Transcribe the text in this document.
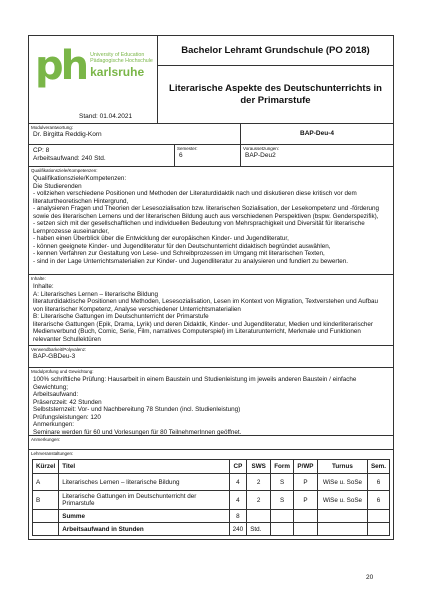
ph University of Education
Pädagogische Hochschule
karlsruhe
Stand: 01.04.2021
Bachelor Lehramt Grundschule (PO 2018)
Literarische Aspekte des Deutschunterrichts in der Primarstufe
Modulverantwortung:
Dr. Birgitta Reddig-Korn	BAP-Deu-4
CP: 8
Arbeitsaufwand: 240 Std.
Semester:
6
Voraussetzungen:
BAP-Deu2
Qualifikationsziele/Kompetenzen:
Qualifikationsziele/Kompetenzen:
Die Studierenden
- vollziehen verschiedene Positionen und Methoden der Literaturdidaktik nach und diskutieren diese kritisch vor dem literaturtheoretischen Hintergrund,
- analysieren Fragen und Theorien der Lesesozialisation bzw. literarischen Sozialisation, der Lesekompetenz und -förderung sowie des literarischen Lernens und der literarischen Bildung auch aus verschiedenen Perspektiven (bspw. Genderspezifik),
- setzen sich mit der gesellschaftlichen und individuellen Bedeutung von Mehrsprachigkeit und Diversität für literarische Lernprozesse auseinander,
- haben einen Überblick über die Entwicklung der europäischen Kinder- und Jugendliteratur,
- können geeignete Kinder- und Jugendliteratur für den Deutschunterricht didaktisch begründet auswählen,
- kennen Verfahren zur Gestaltung von Lese- und Schreibprozessen im Umgang mit literarischen Texten,
- sind in der Lage Unterrichtsmaterialien zur Kinder- und Jugendliteratur zu analysieren und fundiert zu bewerten.
Inhalte:
Inhalte:
A: Literarisches Lernen – literarische Bildung
literaturdidaktische Positionen und Methoden, Lesesozialisation, Lesen im Kontext von Migration, Textverstehen und Aufbau von literarischer Kompetenz, Analyse verschiedener Unterrichtsmaterialien
B: Literarische Gattungen im Deutschunterricht der Primarstufe
literarische Gattungen (Epik, Drama, Lyrik) und deren Didaktik, Kinder- und Jugendliteratur, Medien und kinderliterarischer Medienverbund (Buch, Comic, Serie, Film, narratives Computerspiel) im Literaturunterricht, Merkmale und Funktionen relevanter Schullektüren
Verwendbarkeit/Polyvalenz:
BAP-GBDeu-3
Modulprüfung und Gewichtung:
100% schriftliche Prüfung: Hausarbeit in einem Baustein und Studienleistung im jeweils anderen Baustein / einfache Gewichtung;
Arbeitsaufwand:
Präsenzzeit: 42 Stunden
Selbststernzeit: Vor- und Nachbereitung 78 Stunden (incl. Studienleistung)
Prüfungsleistungen: 120
Anmerkungen:
Seminare werden für 60 und Vorlesungen für 80 TeilnehmerInnen geöffnet.
Anmerkungen:
Lehrveranstaltungen:
Kürzel	Titel	CP	SWS	Form	P/WP	Turnus	Sem.
A	Literarisches Lernen – literarische Bildung	4	2	S	P	WiSe u. SoSe	6
B	Literarische Gattungen im Deutschunterricht der Primarstufe	4	2	S	P	WiSe u. SoSe	6
	Summe	8					
	Arbeitsaufwand in Stunden	240	Std.				
20
